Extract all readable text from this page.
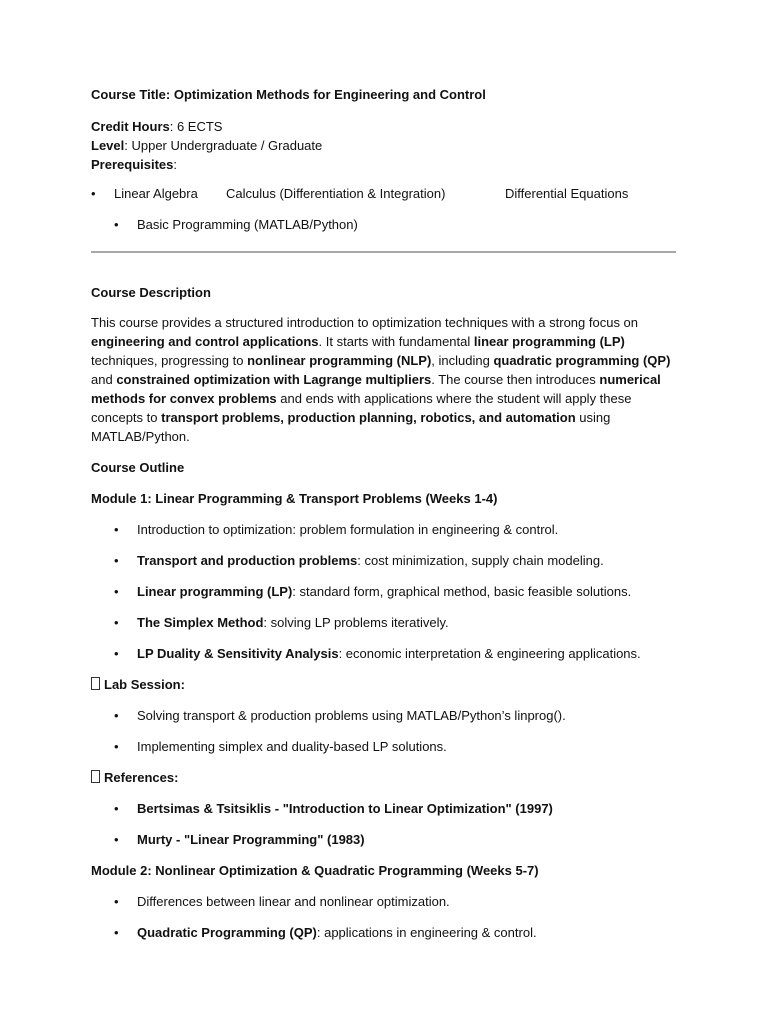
Course Title: Optimization Methods for Engineering and Control

Credit Hours: 6 ECTS

Level: Upper Undergraduate / Graduate

Prerequisites:

• Linear Algebra Calculus (Differentiation & Integration)	Differential Equations
• Basic Programming (MATLAB/Python)

Course Description

This course provides a structured introduction to optimization techniques with a strong focus on engineering and control applications. It starts with fundamental linear programming (LP) techniques, progressing to nonlinear programming (NLP), including quadratic programming (QP) and constrained optimization with Lagrange multipliers. The course then introduces numerical methods for convex problems and ends with applications where the student will apply these concepts to transport problems, production planning, robotics, and automation using MATLAB/Python.

Course Outline

Module 1: Linear Programming & Transport Problems (Weeks 1-4)

• Introduction to optimization: problem formulation in engineering & control.
• Transport and production problems: cost minimization, supply chain modeling.
• Linear programming (LP): standard form, graphical method, basic feasible solutions.
• The Simplex Method: solving LP problems iteratively.
• LP Duality & Sensitivity Analysis: economic interpretation & engineering applications.

Lab Session:

• Solving transport & production problems using MATLAB/Python’s linprog().
• Implementing simplex and duality-based LP solutions.

References:

• Bertsimas & Tsitsiklis - "Introduction to Linear Optimization" (1997)
• Murty - "Linear Programming" (1983)

Module 2: Nonlinear Optimization & Quadratic Programming (Weeks 5-7)

• Differences between linear and nonlinear optimization.
• Quadratic Programming (QP): applications in engineering & control.
